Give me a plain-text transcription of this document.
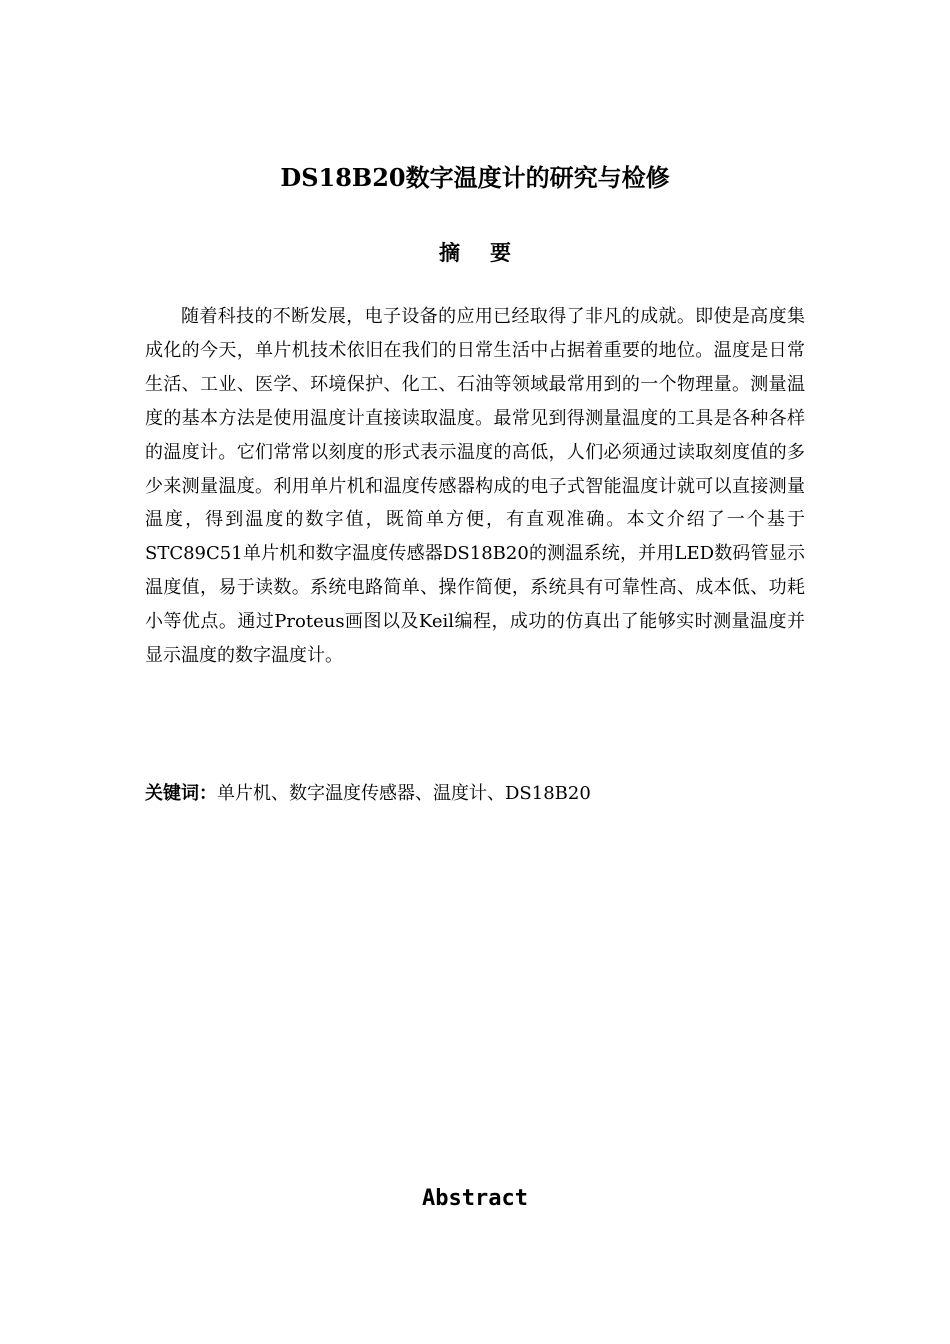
DS18B20数字温度计的研究与检修
摘要

随着科技的不断发展，电子设备的应用已经取得了非凡的成就。即使是高度集成化的今天，单片机技术依旧在我们的日常生活中占据着重要的地位。温度是日常生活、工业、医学、环境保护、化工、石油等领域最常用到的一个物理量。测量温度的基本方法是使用温度计直接读取温度。最常见到得测量温度的工具是各种各样的温度计。它们常常以刻度的形式表示温度的高低，人们必须通过读取刻度值的多少来测量温度。利用单片机和温度传感器构成的电子式智能温度计就可以直接测量温度，得到温度的数字值，既简单方便，有直观准确。本文介绍了一个基于STC89C51单片机和数字温度传感器DS18B20的测温系统，并用LED数码管显示温度值，易于读数。系统电路简单、操作简便，系统具有可靠性高、成本低、功耗小等优点。通过Proteus画图以及Keil编程，成功的仿真出了能够实时测量温度并显示温度的数字温度计。

关键词：单片机、数字温度传感器、温度计、DS18B20

Abstract
